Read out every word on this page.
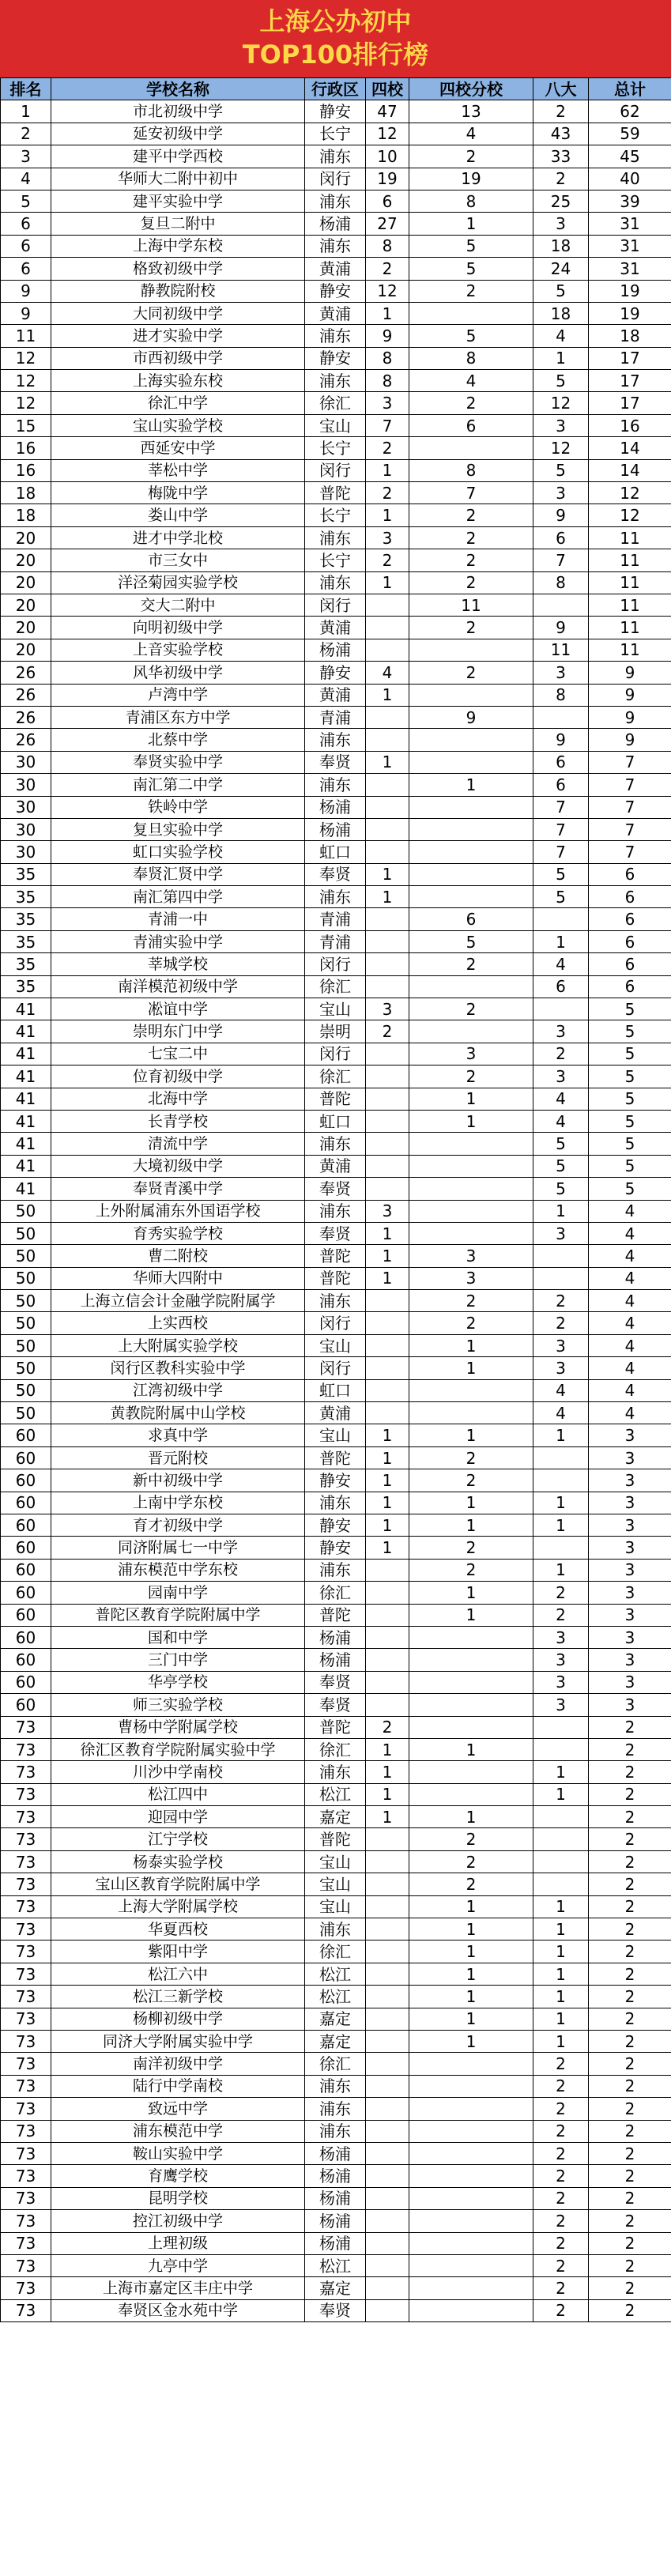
上海公办初中
TOP100排行榜
排名	学校名称	行政区	四校	四校分校	八大	总计
1	市北初级中学	静安	47	13	2	62
2	延安初级中学	长宁	12	4	43	59
3	建平中学西校	浦东	10	2	33	45
4	华师大二附中初中	闵行	19	19	2	40
5	建平实验中学	浦东	6	8	25	39
6	复旦二附中	杨浦	27	1	3	31
6	上海中学东校	浦东	8	5	18	31
6	格致初级中学	黄浦	2	5	24	31
9	静教院附校	静安	12	2	5	19
9	大同初级中学	黄浦	1		18	19
11	进才实验中学	浦东	9	5	4	18
12	市西初级中学	静安	8	8	1	17
12	上海实验东校	浦东	8	4	5	17
12	徐汇中学	徐汇	3	2	12	17
15	宝山实验学校	宝山	7	6	3	16
16	西延安中学	长宁	2		12	14
16	莘松中学	闵行	1	8	5	14
18	梅陇中学	普陀	2	7	3	12
18	娄山中学	长宁	1	2	9	12
20	进才中学北校	浦东	3	2	6	11
20	市三女中	长宁	2	2	7	11
20	洋泾菊园实验学校	浦东	1	2	8	11
20	交大二附中	闵行		11		11
20	向明初级中学	黄浦		2	9	11
20	上音实验学校	杨浦			11	11
26	风华初级中学	静安	4	2	3	9
26	卢湾中学	黄浦	1		8	9
26	青浦区东方中学	青浦		9		9
26	北蔡中学	浦东			9	9
30	奉贤实验中学	奉贤	1		6	7
30	南汇第二中学	浦东		1	6	7
30	铁岭中学	杨浦			7	7
30	复旦实验中学	杨浦			7	7
30	虹口实验学校	虹口			7	7
35	奉贤汇贤中学	奉贤	1		5	6
35	南汇第四中学	浦东	1		5	6
35	青浦一中	青浦		6		6
35	青浦实验中学	青浦		5	1	6
35	莘城学校	闵行		2	4	6
35	南洋模范初级中学	徐汇			6	6
41	凇谊中学	宝山	3	2		5
41	崇明东门中学	崇明	2		3	5
41	七宝二中	闵行		3	2	5
41	位育初级中学	徐汇		2	3	5
41	北海中学	普陀		1	4	5
41	长青学校	虹口		1	4	5
41	清流中学	浦东			5	5
41	大境初级中学	黄浦			5	5
41	奉贤青溪中学	奉贤			5	5
50	上外附属浦东外国语学校	浦东	3		1	4
50	育秀实验学校	奉贤	1		3	4
50	曹二附校	普陀	1	3		4
50	华师大四附中	普陀	1	3		4
50	上海立信会计金融学院附属学	浦东		2	2	4
50	上实西校	闵行		2	2	4
50	上大附属实验学校	宝山		1	3	4
50	闵行区教科实验中学	闵行		1	3	4
50	江湾初级中学	虹口			4	4
50	黄教院附属中山学校	黄浦			4	4
60	求真中学	宝山	1	1	1	3
60	晋元附校	普陀	1	2		3
60	新中初级中学	静安	1	2		3
60	上南中学东校	浦东	1	1	1	3
60	育才初级中学	静安	1	1	1	3
60	同济附属七一中学	静安	1	2		3
60	浦东模范中学东校	浦东		2	1	3
60	园南中学	徐汇		1	2	3
60	普陀区教育学院附属中学	普陀		1	2	3
60	国和中学	杨浦			3	3
60	三门中学	杨浦			3	3
60	华亭学校	奉贤			3	3
60	师三实验学校	奉贤			3	3
73	曹杨中学附属学校	普陀	2			2
73	徐汇区教育学院附属实验中学	徐汇	1	1		2
73	川沙中学南校	浦东	1		1	2
73	松江四中	松江	1		1	2
73	迎园中学	嘉定	1	1		2
73	江宁学校	普陀		2		2
73	杨泰实验学校	宝山		2		2
73	宝山区教育学院附属中学	宝山		2		2
73	上海大学附属学校	宝山		1	1	2
73	华夏西校	浦东		1	1	2
73	紫阳中学	徐汇		1	1	2
73	松江六中	松江		1	1	2
73	松江三新学校	松江		1	1	2
73	杨柳初级中学	嘉定		1	1	2
73	同济大学附属实验中学	嘉定		1	1	2
73	南洋初级中学	徐汇			2	2
73	陆行中学南校	浦东			2	2
73	致远中学	浦东			2	2
73	浦东模范中学	浦东			2	2
73	鞍山实验中学	杨浦			2	2
73	育鹰学校	杨浦			2	2
73	昆明学校	杨浦			2	2
73	控江初级中学	杨浦			2	2
73	上理初级	杨浦			2	2
73	九亭中学	松江			2	2
73	上海市嘉定区丰庄中学	嘉定			2	2
73	奉贤区金水苑中学	奉贤			2	2
